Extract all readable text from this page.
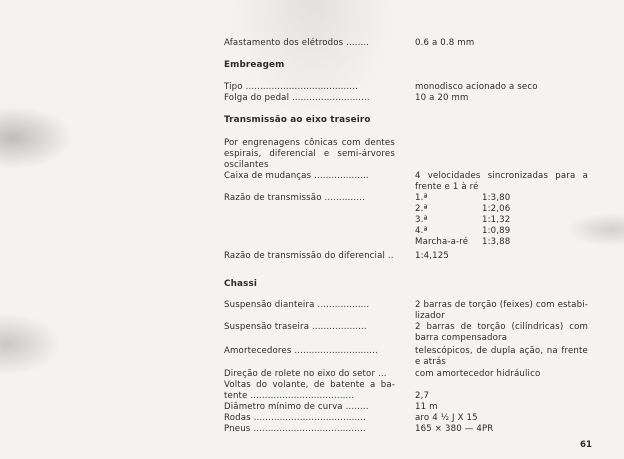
Afastamento dos elétrodos ........	0.6 a 0.8 mm
Embreagem
Tipo .......................................	monodisco acionado a seco
Folga do pedal ...........................	10 a 20 mm
Transmissão ao eixo traseiro
Por engrenagens cônicas com dentes
espirais, diferencial e semi-árvores
oscilantes
Caixa de mudanças ...................	4 velocidades sincronizadas para a
frente e 1 à ré
Razão de transmissão ..............	1.ª	1:3,80
2.ª	1:2,06
3.ª	1:1,32
4.ª	1:0,89
Marcha-a-ré 1:3,88
Razão de transmissão do diferencial .. 1:4,125
Chassi
Suspensão dianteira ..................	2 barras de torção (feixes) com estabi-
lizador
Suspensão traseira ...................	2 barras de torção (cilíndricas) com
barra compensadora
Amortecedores .............................	telescópicos, de dupla ação, na frente
e atrás
Direção de rolete no eixo do setor ...	com amortecedor hidráulico
Voltas do volante, de batente a ba-
tente ....................................	2,7
Diâmetro mínimo de curva ........	11 m
Rodas .......................................	aro 4 ½ J X 15
Pneus .......................................	165 × 380 — 4PR
61
